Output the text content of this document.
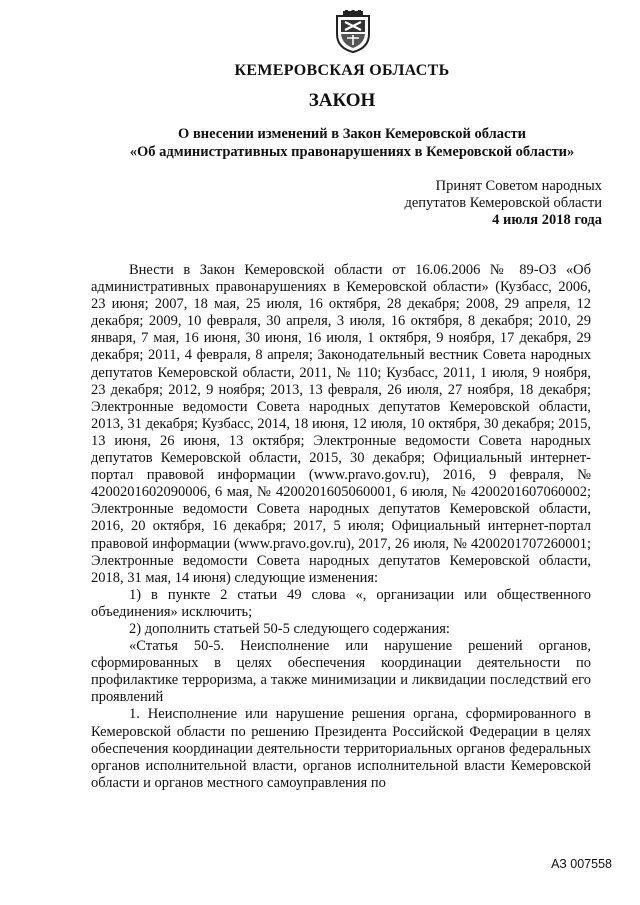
КЕМЕРОВСКАЯ ОБЛАСТЬ
ЗАКОН
О внесении изменений в Закон Кемеровской области
«Об административных правонарушениях в Кемеровской области»
Принят Советом народных
депутатов Кемеровской области
4 июля 2018 года

Внести в Закон Кемеровской области от 16.06.2006 № 89-ОЗ «Об административных правонарушениях в Кемеровской области» (Кузбасс, 2006, 23 июня; 2007, 18 мая, 25 июля, 16 октября, 28 декабря; 2008, 29 апреля, 12 декабря; 2009, 10 февраля, 30 апреля, 3 июля, 16 октября, 8 декабря; 2010, 29 января, 7 мая, 16 июня, 30 июня, 16 июля, 1 октября, 9 ноября, 17 декабря, 29 декабря; 2011, 4 февраля, 8 апреля; Законодательный вестник Совета народных депутатов Кемеровской области, 2011, № 110; Кузбасс, 2011, 1 июля, 9 ноября, 23 декабря; 2012, 9 ноября; 2013, 13 февраля, 26 июля, 27 ноября, 18 декабря; Электронные ведомости Совета народных депутатов Кемеровской области, 2013, 31 декабря; Кузбасс, 2014, 18 июня, 12 июля, 10 октября, 30 декабря; 2015, 13 июня, 26 июня, 13 октября; Электронные ведомости Совета народных депутатов Кемеровской области, 2015, 30 декабря; Официальный интернет-портал правовой информации (www.pravo.gov.ru), 2016, 9 февраля, № 4200201602090006, 6 мая, № 4200201605060001, 6 июля, № 4200201607060002; Электронные ведомости Совета народных депутатов Кемеровской области, 2016, 20 октября, 16 декабря; 2017, 5 июля; Официальный интернет-портал правовой информации (www.pravo.gov.ru), 2017, 26 июля, № 4200201707260001; Электронные ведомости Совета народных депутатов Кемеровской области, 2018, 31 мая, 14 июня) следующие изменения:

1) в пункте 2 статьи 49 слова «, организации или общественного объединения» исключить;

2) дополнить статьей 50-5 следующего содержания:

«Статья 50-5. Неисполнение или нарушение решений органов, сформированных в целях обеспечения координации деятельности по профилактике терроризма, а также минимизации и ликвидации последствий его проявлений

1. Неисполнение или нарушение решения органа, сформированного в Кемеровской области по решению Президента Российской Федерации в целях обеспечения координации деятельности территориальных органов федеральных органов исполнительной власти, органов исполнительной власти Кемеровской области и органов местного самоуправления по

АЗ 007558
